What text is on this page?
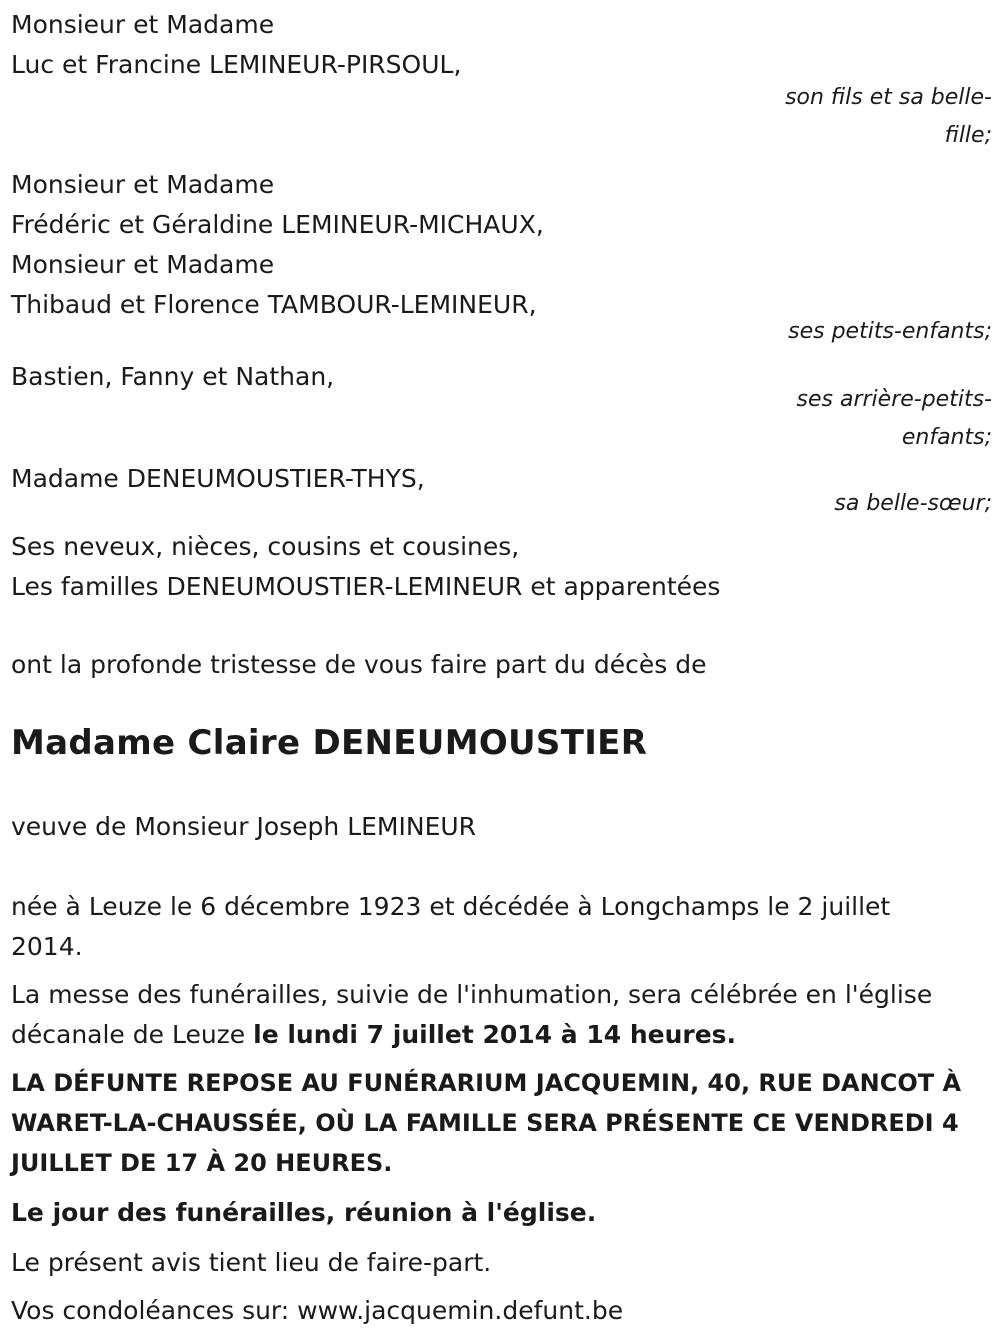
Monsieur et Madame
Luc et Francine LEMINEUR-PIRSOUL,
son fils et sa belle-
fille;
Monsieur et Madame
Frédéric et Géraldine LEMINEUR-MICHAUX,
Monsieur et Madame
Thibaud et Florence TAMBOUR-LEMINEUR,
ses petits-enfants;
Bastien, Fanny et Nathan,
ses arrière-petits-
enfants;
Madame DENEUMOUSTIER-THYS,
sa belle-sœur;
Ses neveux, nièces, cousins et cousines,
Les familles DENEUMOUSTIER-LEMINEUR et apparentées
ont la profonde tristesse de vous faire part du décès de
Madame Claire DENEUMOUSTIER
veuve de Monsieur Joseph LEMINEUR
née à Leuze le 6 décembre 1923 et décédée à Longchamps le 2 juillet
2014.
La messe des funérailles, suivie de l'inhumation, sera célébrée en l'église
décanale de Leuze le lundi 7 juillet 2014 à 14 heures.
LA DÉFUNTE REPOSE AU FUNÉRARIUM JACQUEMIN, 40, RUE DANCOT À
WARET-LA-CHAUSSÉE, OÙ LA FAMILLE SERA PRÉSENTE CE VENDREDI 4
JUILLET DE 17 À 20 HEURES.
Le jour des funérailles, réunion à l'église.
Le présent avis tient lieu de faire-part.
Vos condoléances sur: www.jacquemin.defunt.be
